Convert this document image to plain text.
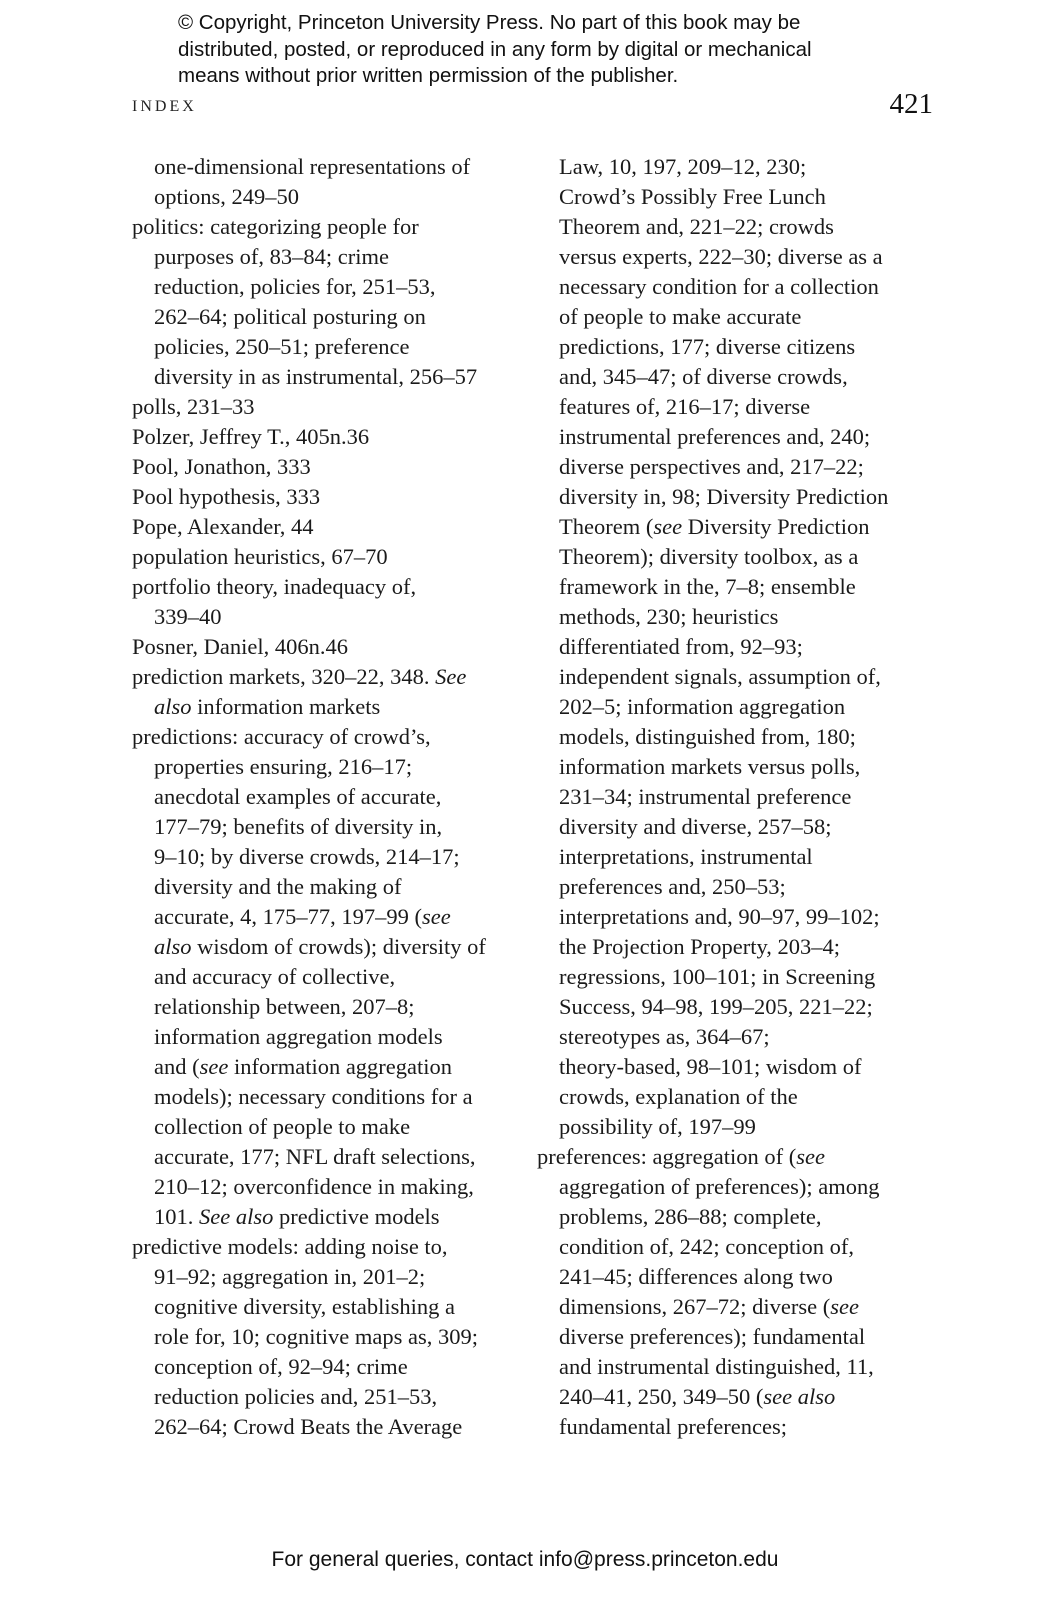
© Copyright, Princeton University Press. No part of this book may be
distributed, posted, or reproduced in any form by digital or mechanical
means without prior written permission of the publisher.
INDEX	421
one-dimensional representations of
options, 249–50
politics: categorizing people for
purposes of, 83–84; crime
reduction, policies for, 251–53,
262–64; political posturing on
policies, 250–51; preference
diversity in as instrumental, 256–57
polls, 231–33
Polzer, Jeffrey T., 405n.36
Pool, Jonathon, 333
Pool hypothesis, 333
Pope, Alexander, 44
population heuristics, 67–70
portfolio theory, inadequacy of,
339–40
Posner, Daniel, 406n.46
prediction markets, 320–22, 348. See
also information markets
predictions: accuracy of crowd’s,
properties ensuring, 216–17;
anecdotal examples of accurate,
177–79; benefits of diversity in,
9–10; by diverse crowds, 214–17;
diversity and the making of
accurate, 4, 175–77, 197–99 (see
also wisdom of crowds); diversity of
and accuracy of collective,
relationship between, 207–8;
information aggregation models
and (see information aggregation
models); necessary conditions for a
collection of people to make
accurate, 177; NFL draft selections,
210–12; overconfidence in making,
101. See also predictive models
predictive models: adding noise to,
91–92; aggregation in, 201–2;
cognitive diversity, establishing a
role for, 10; cognitive maps as, 309;
conception of, 92–94; crime
reduction policies and, 251–53,
262–64; Crowd Beats the Average
Law, 10, 197, 209–12, 230;
Crowd’s Possibly Free Lunch
Theorem and, 221–22; crowds
versus experts, 222–30; diverse as a
necessary condition for a collection
of people to make accurate
predictions, 177; diverse citizens
and, 345–47; of diverse crowds,
features of, 216–17; diverse
instrumental preferences and, 240;
diverse perspectives and, 217–22;
diversity in, 98; Diversity Prediction
Theorem (see Diversity Prediction
Theorem); diversity toolbox, as a
framework in the, 7–8; ensemble
methods, 230; heuristics
differentiated from, 92–93;
independent signals, assumption of,
202–5; information aggregation
models, distinguished from, 180;
information markets versus polls,
231–34; instrumental preference
diversity and diverse, 257–58;
interpretations, instrumental
preferences and, 250–53;
interpretations and, 90–97, 99–102;
the Projection Property, 203–4;
regressions, 100–101; in Screening
Success, 94–98, 199–205, 221–22;
stereotypes as, 364–67;
theory-based, 98–101; wisdom of
crowds, explanation of the
possibility of, 197–99
preferences: aggregation of (see
aggregation of preferences); among
problems, 286–88; complete,
condition of, 242; conception of,
241–45; differences along two
dimensions, 267–72; diverse (see
diverse preferences); fundamental
and instrumental distinguished, 11,
240–41, 250, 349–50 (see also
fundamental preferences;
For general queries, contact info@press.princeton.edu
